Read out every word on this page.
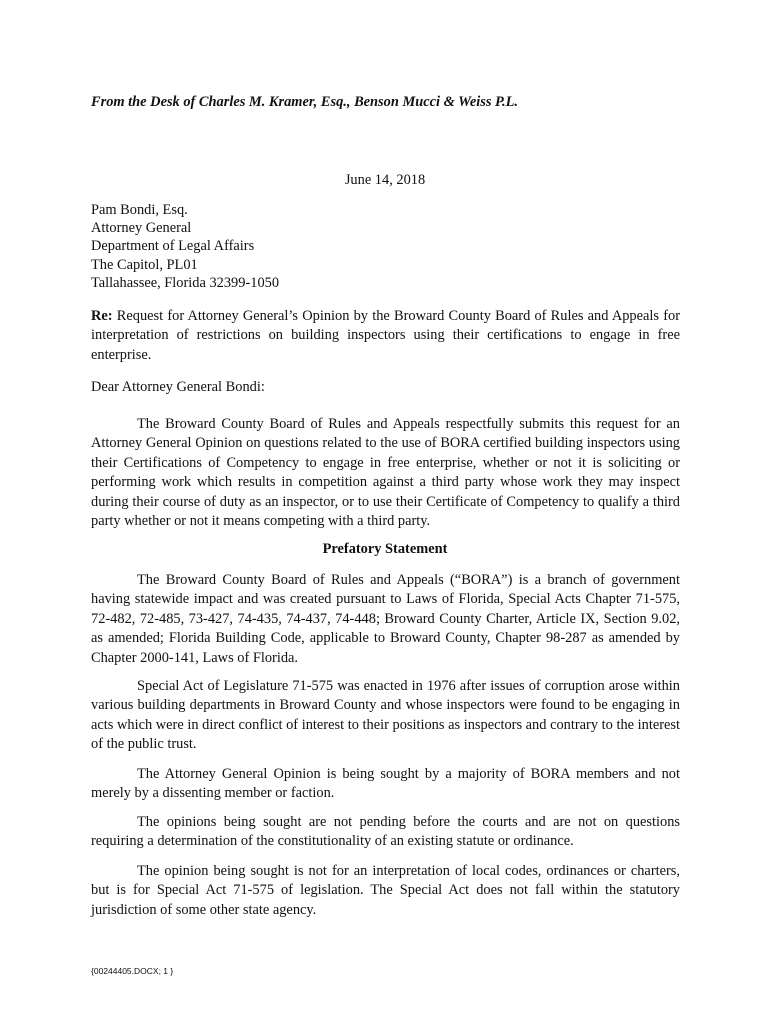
From the Desk of Charles M. Kramer, Esq., Benson Mucci & Weiss P.L.
June 14, 2018
Pam Bondi, Esq.
Attorney General
Department of Legal Affairs
The Capitol, PL01
Tallahassee, Florida 32399-1050
Re: Request for Attorney General’s Opinion by the Broward County Board of Rules and Appeals for interpretation of restrictions on building inspectors using their certifications to engage in free enterprise.
Dear Attorney General Bondi:
The Broward County Board of Rules and Appeals respectfully submits this request for an Attorney General Opinion on questions related to the use of BORA certified building inspectors using their Certifications of Competency to engage in free enterprise, whether or not it is soliciting or performing work which results in competition against a third party whose work they may inspect during their course of duty as an inspector, or to use their Certificate of Competency to qualify a third party whether or not it means competing with a third party.
Prefatory Statement
The Broward County Board of Rules and Appeals (“BORA”) is a branch of government having statewide impact and was created pursuant to Laws of Florida, Special Acts Chapter 71-575, 72-482, 72-485, 73-427, 74-435, 74-437, 74-448; Broward County Charter, Article IX, Section 9.02, as amended; Florida Building Code, applicable to Broward County, Chapter 98-287 as amended by Chapter 2000-141, Laws of Florida.
Special Act of Legislature 71-575 was enacted in 1976 after issues of corruption arose within various building departments in Broward County and whose inspectors were found to be engaging in acts which were in direct conflict of interest to their positions as inspectors and contrary to the interest of the public trust.
The Attorney General Opinion is being sought by a majority of BORA members and not merely by a dissenting member or faction.
The opinions being sought are not pending before the courts and are not on questions requiring a determination of the constitutionality of an existing statute or ordinance.
The opinion being sought is not for an interpretation of local codes, ordinances or charters, but is for Special Act 71-575 of legislation. The Special Act does not fall within the statutory jurisdiction of some other state agency.
{00244405.DOCX; 1 }
